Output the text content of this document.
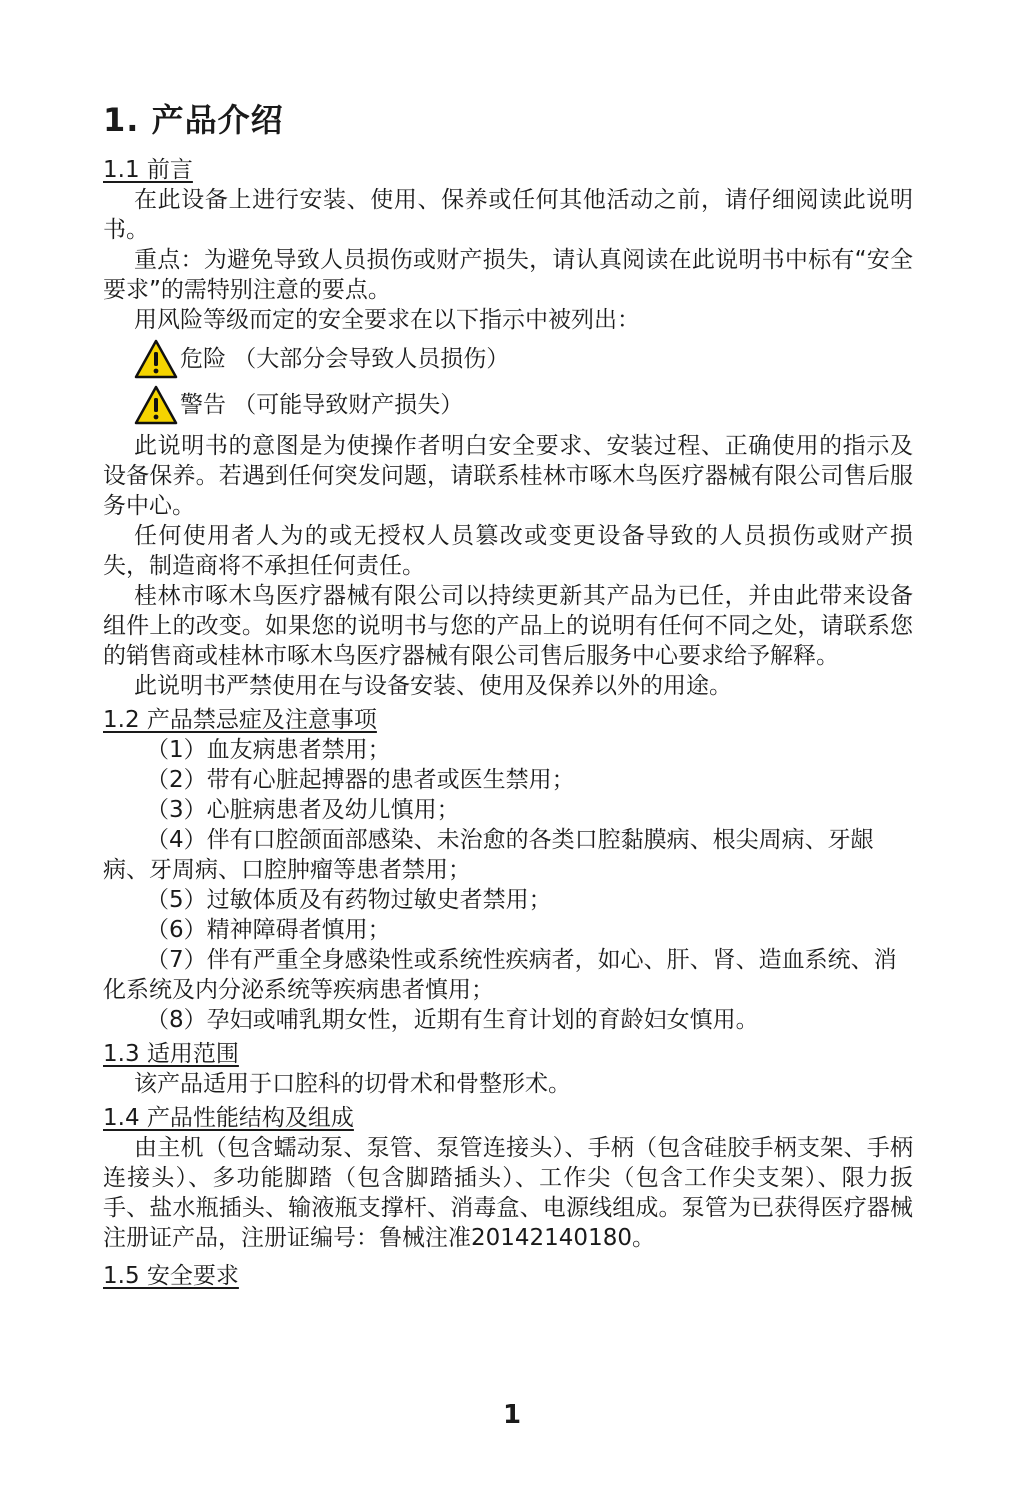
1. 产品介绍
1.1 前言

在此设备上进行安装、使用、保养或任何其他活动之前，请仔细阅读此说明书。

重点：为避免导致人员损伤或财产损失，请认真阅读在此说明书中标有“安全要求”的需特别注意的要点。

用风险等级而定的安全要求在以下指示中被列出：

危险 （大部分会导致人员损伤）
警告 （可能导致财产损失）

此说明书的意图是为使操作者明白安全要求、安装过程、正确使用的指示及设备保养。若遇到任何突发问题，请联系桂林市啄木鸟医疗器械有限公司售后服务中心。

任何使用者人为的或无授权人员篡改或变更设备导致的人员损伤或财产损失，制造商将不承担任何责任。

桂林市啄木鸟医疗器械有限公司以持续更新其产品为已任，并由此带来设备组件上的改变。如果您的说明书与您的产品上的说明有任何不同之处，请联系您的销售商或桂林市啄木鸟医疗器械有限公司售后服务中心要求给予解释。

此说明书严禁使用在与设备安装、使用及保养以外的用途。

1.2 产品禁忌症及注意事项

（1）血友病患者禁用；

（2）带有心脏起搏器的患者或医生禁用；

（3）心脏病患者及幼儿慎用；

（4）伴有口腔颌面部感染、未治愈的各类口腔黏膜病、根尖周病、牙龈病、牙周病、口腔肿瘤等患者禁用；

（5）过敏体质及有药物过敏史者禁用；

（6）精神障碍者慎用；

（7）伴有严重全身感染性或系统性疾病者，如心、肝、肾、造血系统、消化系统及内分泌系统等疾病患者慎用；

（8）孕妇或哺乳期女性，近期有生育计划的育龄妇女慎用。

1.3 适用范围

该产品适用于口腔科的切骨术和骨整形术。

1.4 产品性能结构及组成

由主机（包含蠕动泵、泵管、泵管连接头）、手柄（包含硅胶手柄支架、手柄连接头）、多功能脚踏（包含脚踏插头）、工作尖（包含工作尖支架）、限力扳手、盐水瓶插头、输液瓶支撑杆、消毒盒、电源线组成。泵管为已获得医疗器械注册证产品，注册证编号：鲁械注准20142140180。

1.5 安全要求
1
